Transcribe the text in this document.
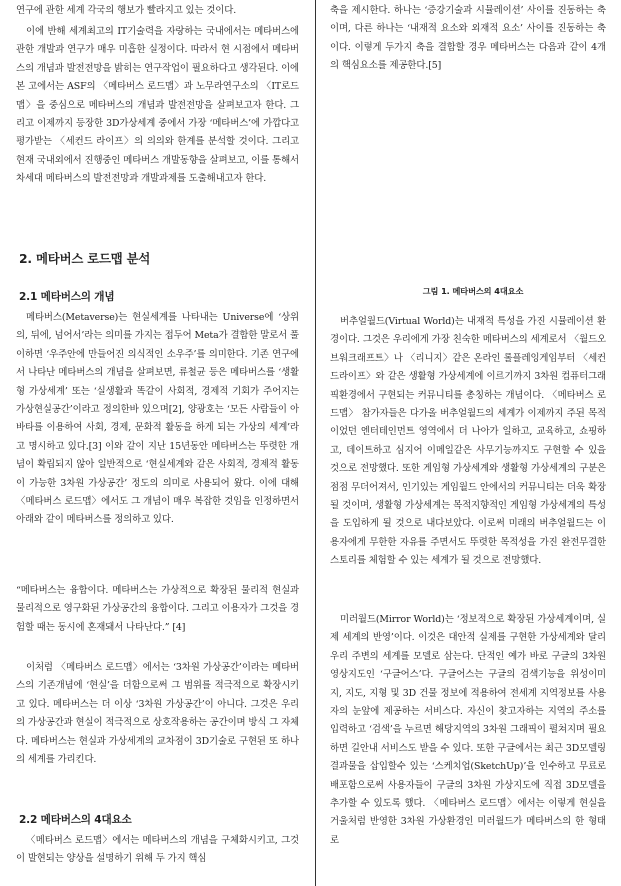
연구에 관한 세계 각국의 행보가 빨라지고 있는 것이다.

이에 반해 세계최고의 IT기술력을 자랑하는 국내에서는 메타버스에 관한 개발과 연구가 매우 미흡한 실정이다. 따라서 현 시점에서 메타버스의 개념과 발전전망을 밝히는 연구작업이 필요하다고 생각된다. 이에 본 고에서는 ASF의 〈메타버스 로드맵〉과 노무라연구소의 〈IT로드맵〉을 중심으로 메타버스의 개념과 발전전망을 살펴보고자 한다. 그리고 이제까지 등장한 3D가상세계 중에서 가장 ‘메타버스’에 가깝다고 평가받는 〈세컨드 라이프〉의 의의와 한계를 분석할 것이다. 그리고 현재 국내외에서 진행중인 메타버스 개발동향을 살펴보고, 이를 통해서 차세대 메타버스의 발전전망과 개발과제를 도출해내고자 한다.

2. 메타버스 로드맵 분석
2.1 메타버스의 개념

메타버스(Metaverse)는 현실세계를 나타내는 Universe에 ‘상위의, 뒤에, 넘어서’라는 의미를 가지는 접두어 Meta가 결합한 말로서 풀이하면 ‘우주안에 만들어진 의식적인 소우주’를 의미한다. 기존 연구에서 나타난 메타버스의 개념을 살펴보면, 류철균 등은 메타버스를 ‘생활형 가상세계’ 또는 ‘실생활과 똑같이 사회적, 경제적 기회가 주어지는 가상현실공간’이라고 정의한바 있으며[2], 양광호는 ‘모든 사람들이 아바타를 이용하여 사회, 경제, 문화적 활동을 하게 되는 가상의 세계’라고 명시하고 있다.[3] 이와 같이 지난 15년동안 메타버스는 뚜렷한 개념이 확립되지 않아 일반적으로 ‘현실세계와 같은 사회적, 경제적 활동이 가능한 3차원 가상공간’ 정도의 의미로 사용되어 왔다. 이에 대해 〈메타버스 로드맵〉에서도 그 개념이 매우 복잡한 것임을 인정하면서 아래와 같이 메타버스를 정의하고 있다.

“메타버스는 융합이다. 메타버스는 가상적으로 확장된 물리적 현실과 물리적으로 영구화된 가상공간의 융합이다. 그리고 이용자가 그것을 경험할 때는 동시에 혼재돼서 나타난다.” [4]

이처럼 〈메타버스 로드맵〉에서는 ‘3차원 가상공간’이라는 메타버스의 기존개념에 ‘현실’을 더함으로써 그 범위를 적극적으로 확장시키고 있다. 메타버스는 더 이상 ‘3차원 가상공간’이 아니다. 그것은 우리의 가상공간과 현실이 적극적으로 상호작용하는 공간이며 방식 그 자체다. 메타버스는 현실과 가상세계의 교차점이 3D기술로 구현된 또 하나의 세계를 가리킨다.

2.2 메타버스의 4대요소

〈메타버스 로드맵〉에서는 메타버스의 개념을 구체화시키고, 그것이 발현되는 양상을 설명하기 위해 두 가지 핵심

축을 제시한다. 하나는 ‘증강기술과 시뮬레이션’ 사이를 진동하는 축이며, 다른 하나는 ‘내재적 요소와 외재적 요소’ 사이를 진동하는 축이다. 이렇게 두가지 축을 결합할 경우 메타버스는 다음과 같이 4개의 핵심요소를 제공한다.[5]

그림 1. 메타버스의 4대요소

버추얼월드(Virtual World)는 내재적 특성을 가진 시뮬레이션 환경이다. 그것은 우리에게 가장 친숙한 메타버스의 세계로서 〈월드오브워크래프트〉나 〈리니지〉같은 온라인 롤플레잉게임부터 〈세컨드라이프〉와 같은 생활형 가상세계에 이르기까지 3차원 컴퓨터그래픽환경에서 구현되는 커뮤니티를 총칭하는 개념이다. 〈메타버스 로드맵〉 참가자들은 다가올 버추얼월드의 세계가 이제까지 주된 목적이었던 엔터테인먼트 영역에서 더 나아가 일하고, 교육하고, 쇼핑하고, 데이트하고 심지어 이메일같은 사무기능까지도 구현할 수 있을 것으로 전망했다. 또한 게임형 가상세계와 생활형 가상세계의 구분은 점점 무더어져서, 인기있는 게임월드 안에서의 커뮤니티는 더욱 확장될 것이며, 생활형 가상세계는 목적지향적인 게임형 가상세계의 특성을 도입하게 될 것으로 내다보았다. 이로써 미래의 버추얼월드는 이용자에게 무한한 자유를 주면서도 뚜렷한 목적성을 가진 완전무결한 스토리를 체험할 수 있는 세계가 될 것으로 전망했다.

미러월드(Mirror World)는 ‘정보적으로 확장된 가상세계이며, 실제 세계의 반영’이다. 이것은 대안적 실제를 구현한 가상세계와 달리 우리 주변의 세계를 모델로 삼는다. 단적인 예가 바로 구글의 3차원 영상지도인 ‘구글어스’다. 구글어스는 구글의 검색기능을 위성이미지, 지도, 지형 및 3D 건물 정보에 적용하여 전세계 지역정보를 사용자의 눈앞에 제공하는 서비스다. 자신이 찾고자하는 지역의 주소를 입력하고 ‘검색’을 누르면 해당지역의 3차원 그래픽이 펼쳐지며 필요하면 길안내 서비스도 받을 수 있다. 또한 구글에서는 최근 3D모델링 결과물을 삽입할수 있는 ‘스케치업(SketchUp)’을 인수하고 무료로 배포함으로써 사용자들이 구글의 3차원 가상지도에 직접 3D모델을 추가할 수 있도록 했다. 〈메타버스 로드맵〉에서는 이렇게 현실을 거울처럼 반영한 3차원 가상환경인 미러월드가 메타버스의 한 형태로
